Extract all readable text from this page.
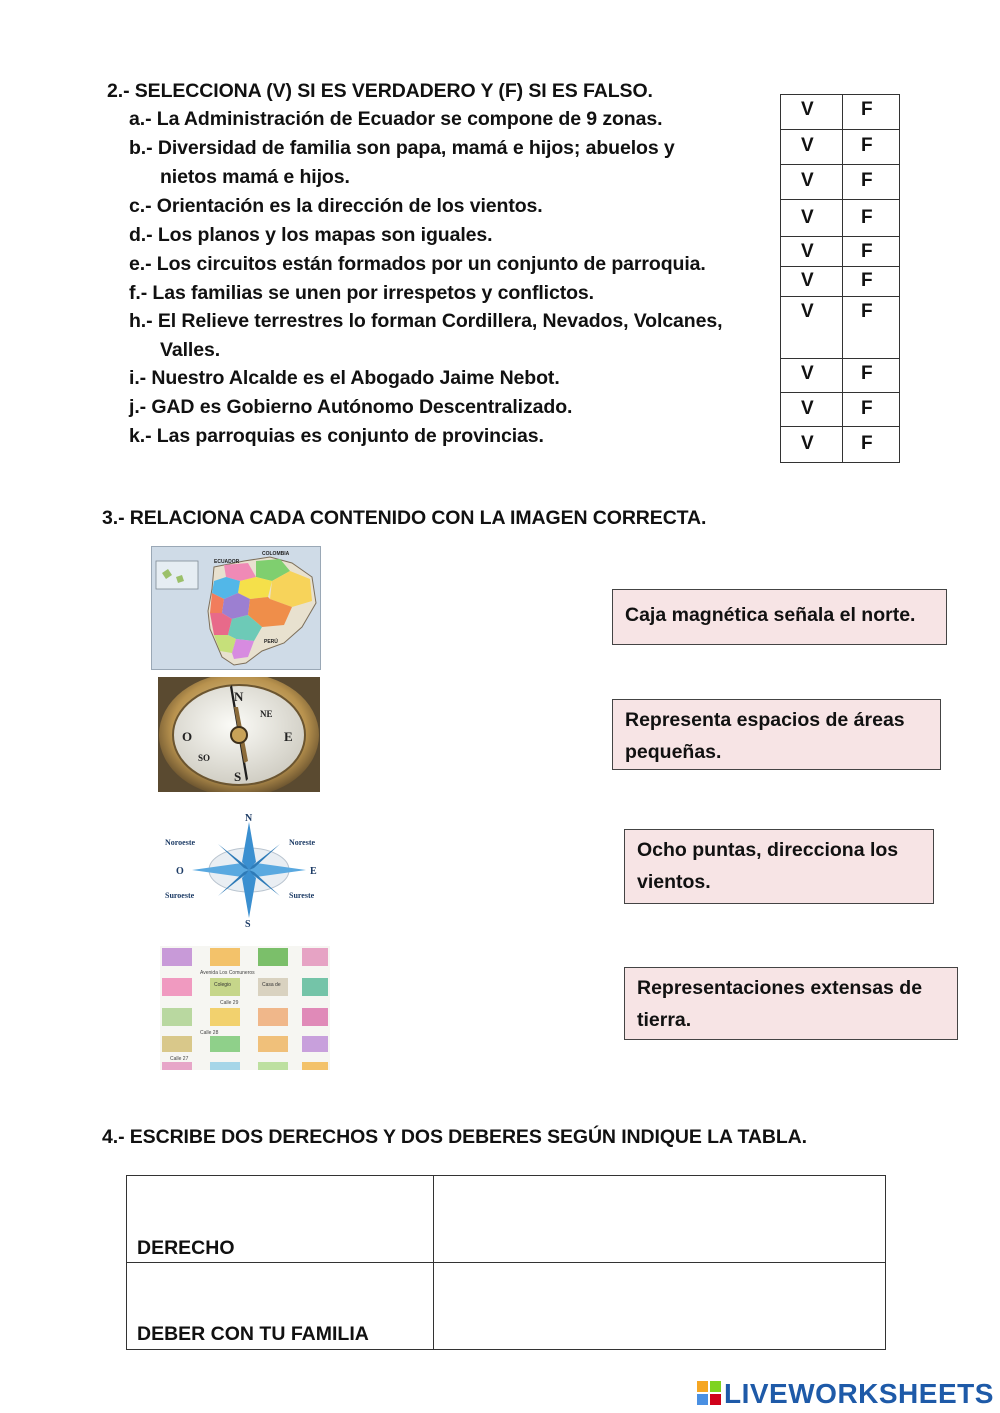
2.- SELECCIONA (V) SI ES VERDADERO Y (F) SI ES FALSO.
a.- La Administración de Ecuador se compone de 9 zonas.
b.- Diversidad de familia son papa, mamá e hijos; abuelos y
nietos mamá e hijos.
c.- Orientación es la dirección de los vientos.
d.- Los planos y los mapas son iguales.
e.- Los circuitos están formados por un conjunto de parroquia.
f.- Las familias se unen por irrespetos y conflictos.
h.- El Relieve terrestres lo forman Cordillera, Nevados, Volcanes,
Valles.
i.- Nuestro Alcalde es el Abogado Jaime Nebot.
j.- GAD es Gobierno Autónomo Descentralizado.
k.- Las parroquias es conjunto de provincias.
V F
V F
V F
V F
V F
V F
V F
V F
V F
V F
3.- RELACIONA CADA CONTENIDO CON LA IMAGEN CORRECTA.
COLOMBIA
ECUADOR
PERÚ
N
E
S
O
NE
SO
N
S
E
O
Noroeste	Noreste
Suroeste	Sureste
Avenida Los Comuneros
Colegio	Casa de
Calle 29
Calle 28
Calle 27
Caja magnética señala el norte.
Representa espacios de áreas pequeñas.
Ocho puntas, direcciona los vientos.
Representaciones extensas de tierra.
4.- ESCRIBE DOS DERECHOS Y DOS DEBERES SEGÚN INDIQUE LA TABLA.
DERECHO
DEBER CON TU FAMILIA
LIVEWORKSHEETS
